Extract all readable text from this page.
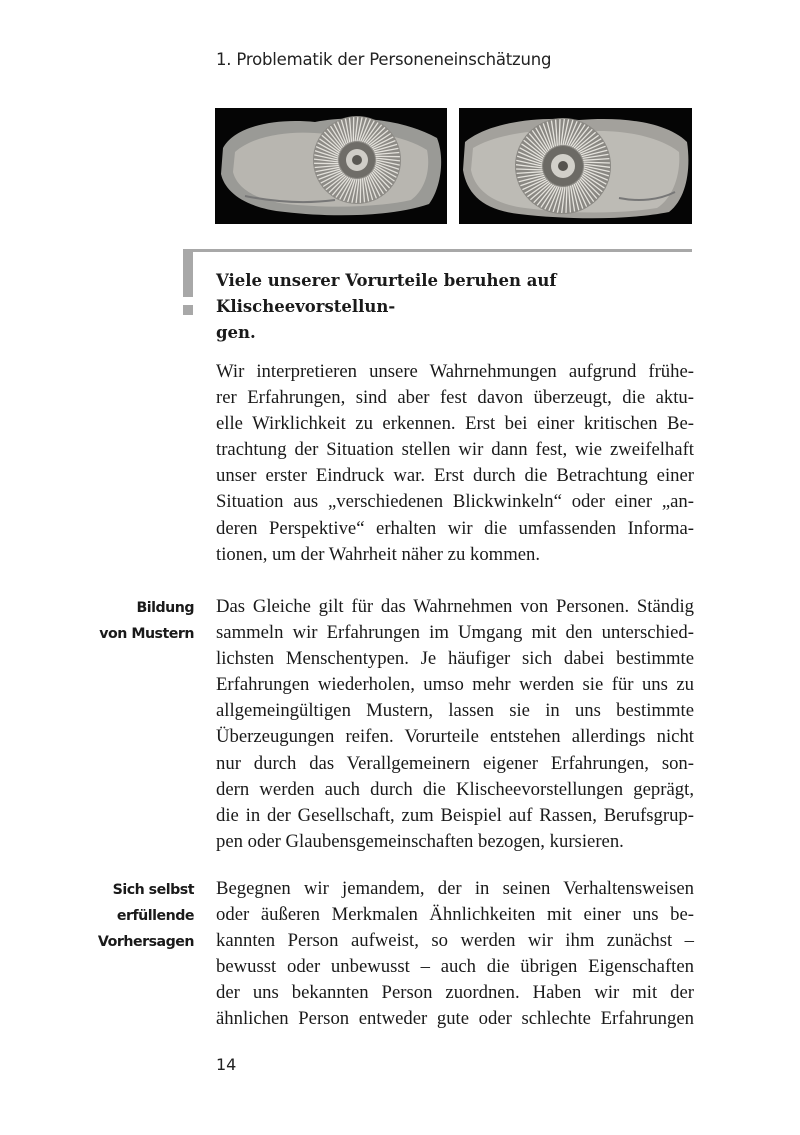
1. Problematik der Personeneinschätzung
Viele unserer Vorurteile beruhen auf Klischeevorstellun-
gen.
Wir interpretieren unsere Wahrnehmungen aufgrund frühe-
rer Erfahrungen, sind aber fest davon überzeugt, die aktu-
elle Wirklichkeit zu erkennen. Erst bei einer kritischen Be-
trachtung der Situation stellen wir dann fest, wie zweifelhaft
unser erster Eindruck war. Erst durch die Betrachtung einer
Situation aus „verschiedenen Blickwinkeln“ oder einer „an-
deren Perspektive“ erhalten wir die umfassenden Informa-
tionen, um der Wahrheit näher zu kommen.
Bildung
von Mustern
Das Gleiche gilt für das Wahrnehmen von Personen. Ständig
sammeln wir Erfahrungen im Umgang mit den unterschied-
lichsten Menschentypen. Je häufiger sich dabei bestimmte
Erfahrungen wiederholen, umso mehr werden sie für uns zu
allgemeingültigen Mustern, lassen sie in uns bestimmte
Überzeugungen reifen. Vorurteile entstehen allerdings nicht
nur durch das Verallgemeinern eigener Erfahrungen, son-
dern werden auch durch die Klischeevorstellungen geprägt,
die in der Gesellschaft, zum Beispiel auf Rassen, Berufsgrup-
pen oder Glaubensgemeinschaften bezogen, kursieren.
Sich selbst
erfüllende
Vorhersagen
Begegnen wir jemandem, der in seinen Verhaltensweisen
oder äußeren Merkmalen Ähnlichkeiten mit einer uns be-
kannten Person aufweist, so werden wir ihm zunächst –
bewusst oder unbewusst – auch die übrigen Eigenschaften
der uns bekannten Person zuordnen. Haben wir mit der
ähnlichen Person entweder gute oder schlechte Erfahrungen
14
